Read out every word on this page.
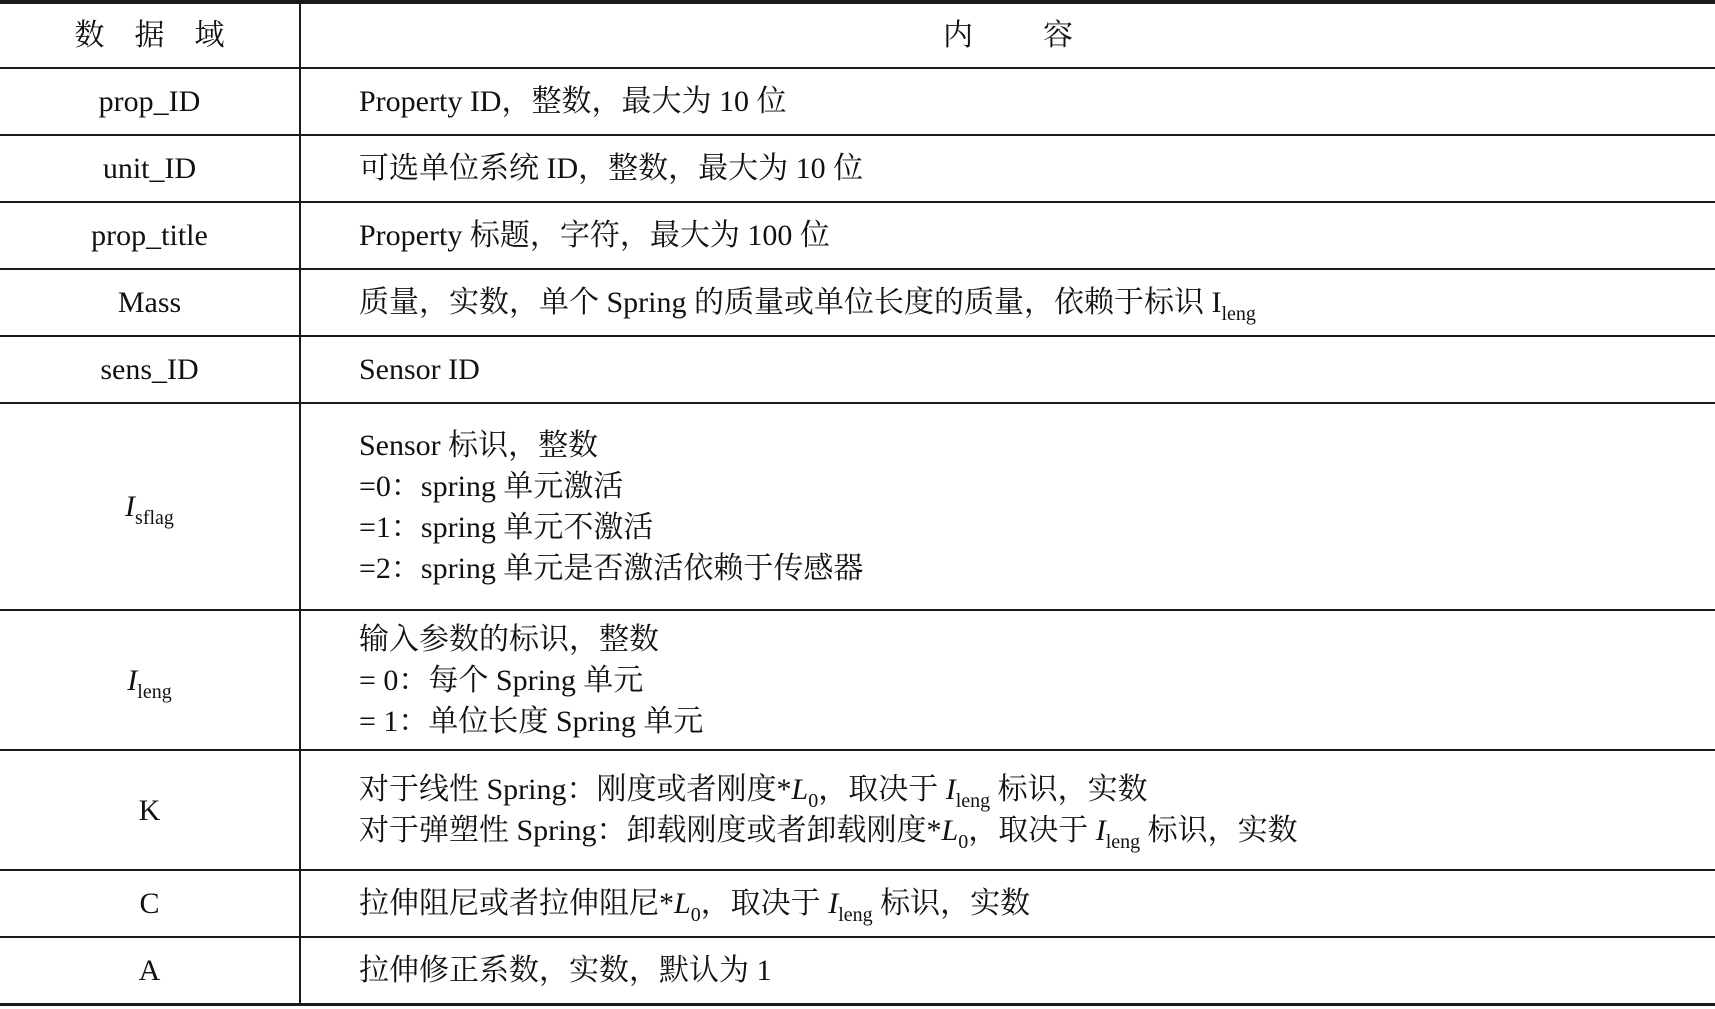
数据域	内容
prop_ID	Property ID，整数，最大为 10 位

unit_ID	可选单位系统 ID，整数，最大为 10 位

prop_title	Property 标题，字符，最大为 100 位

Mass	质量，实数，单个 Spring 的质量或单位长度的质量，依赖于标识 $I_{leng}$

sens_ID	Sensor ID

$I_{sflag}$	Sensor 标识，整数
=0：spring 单元激活
=1：spring 单元不激活
=2：spring 单元是否激活依赖于传感器

$I_{leng}$	输入参数的标识，整数
= 0：每个 Spring 单元
= 1：单位长度 Spring 单元

K	对于线性 Spring：刚度或者刚度$*L_0$，取决于 $I_{leng}$ 标识，实数
对于弹塑性 Spring：卸载刚度或者卸载刚度$*L_0$，取决于 $I_{leng}$ 标识，实数

C	拉伸阻尼或者拉伸阻尼$*L_0$，取决于 $I_{leng}$ 标识，实数

A	拉伸修正系数，实数，默认为 1
